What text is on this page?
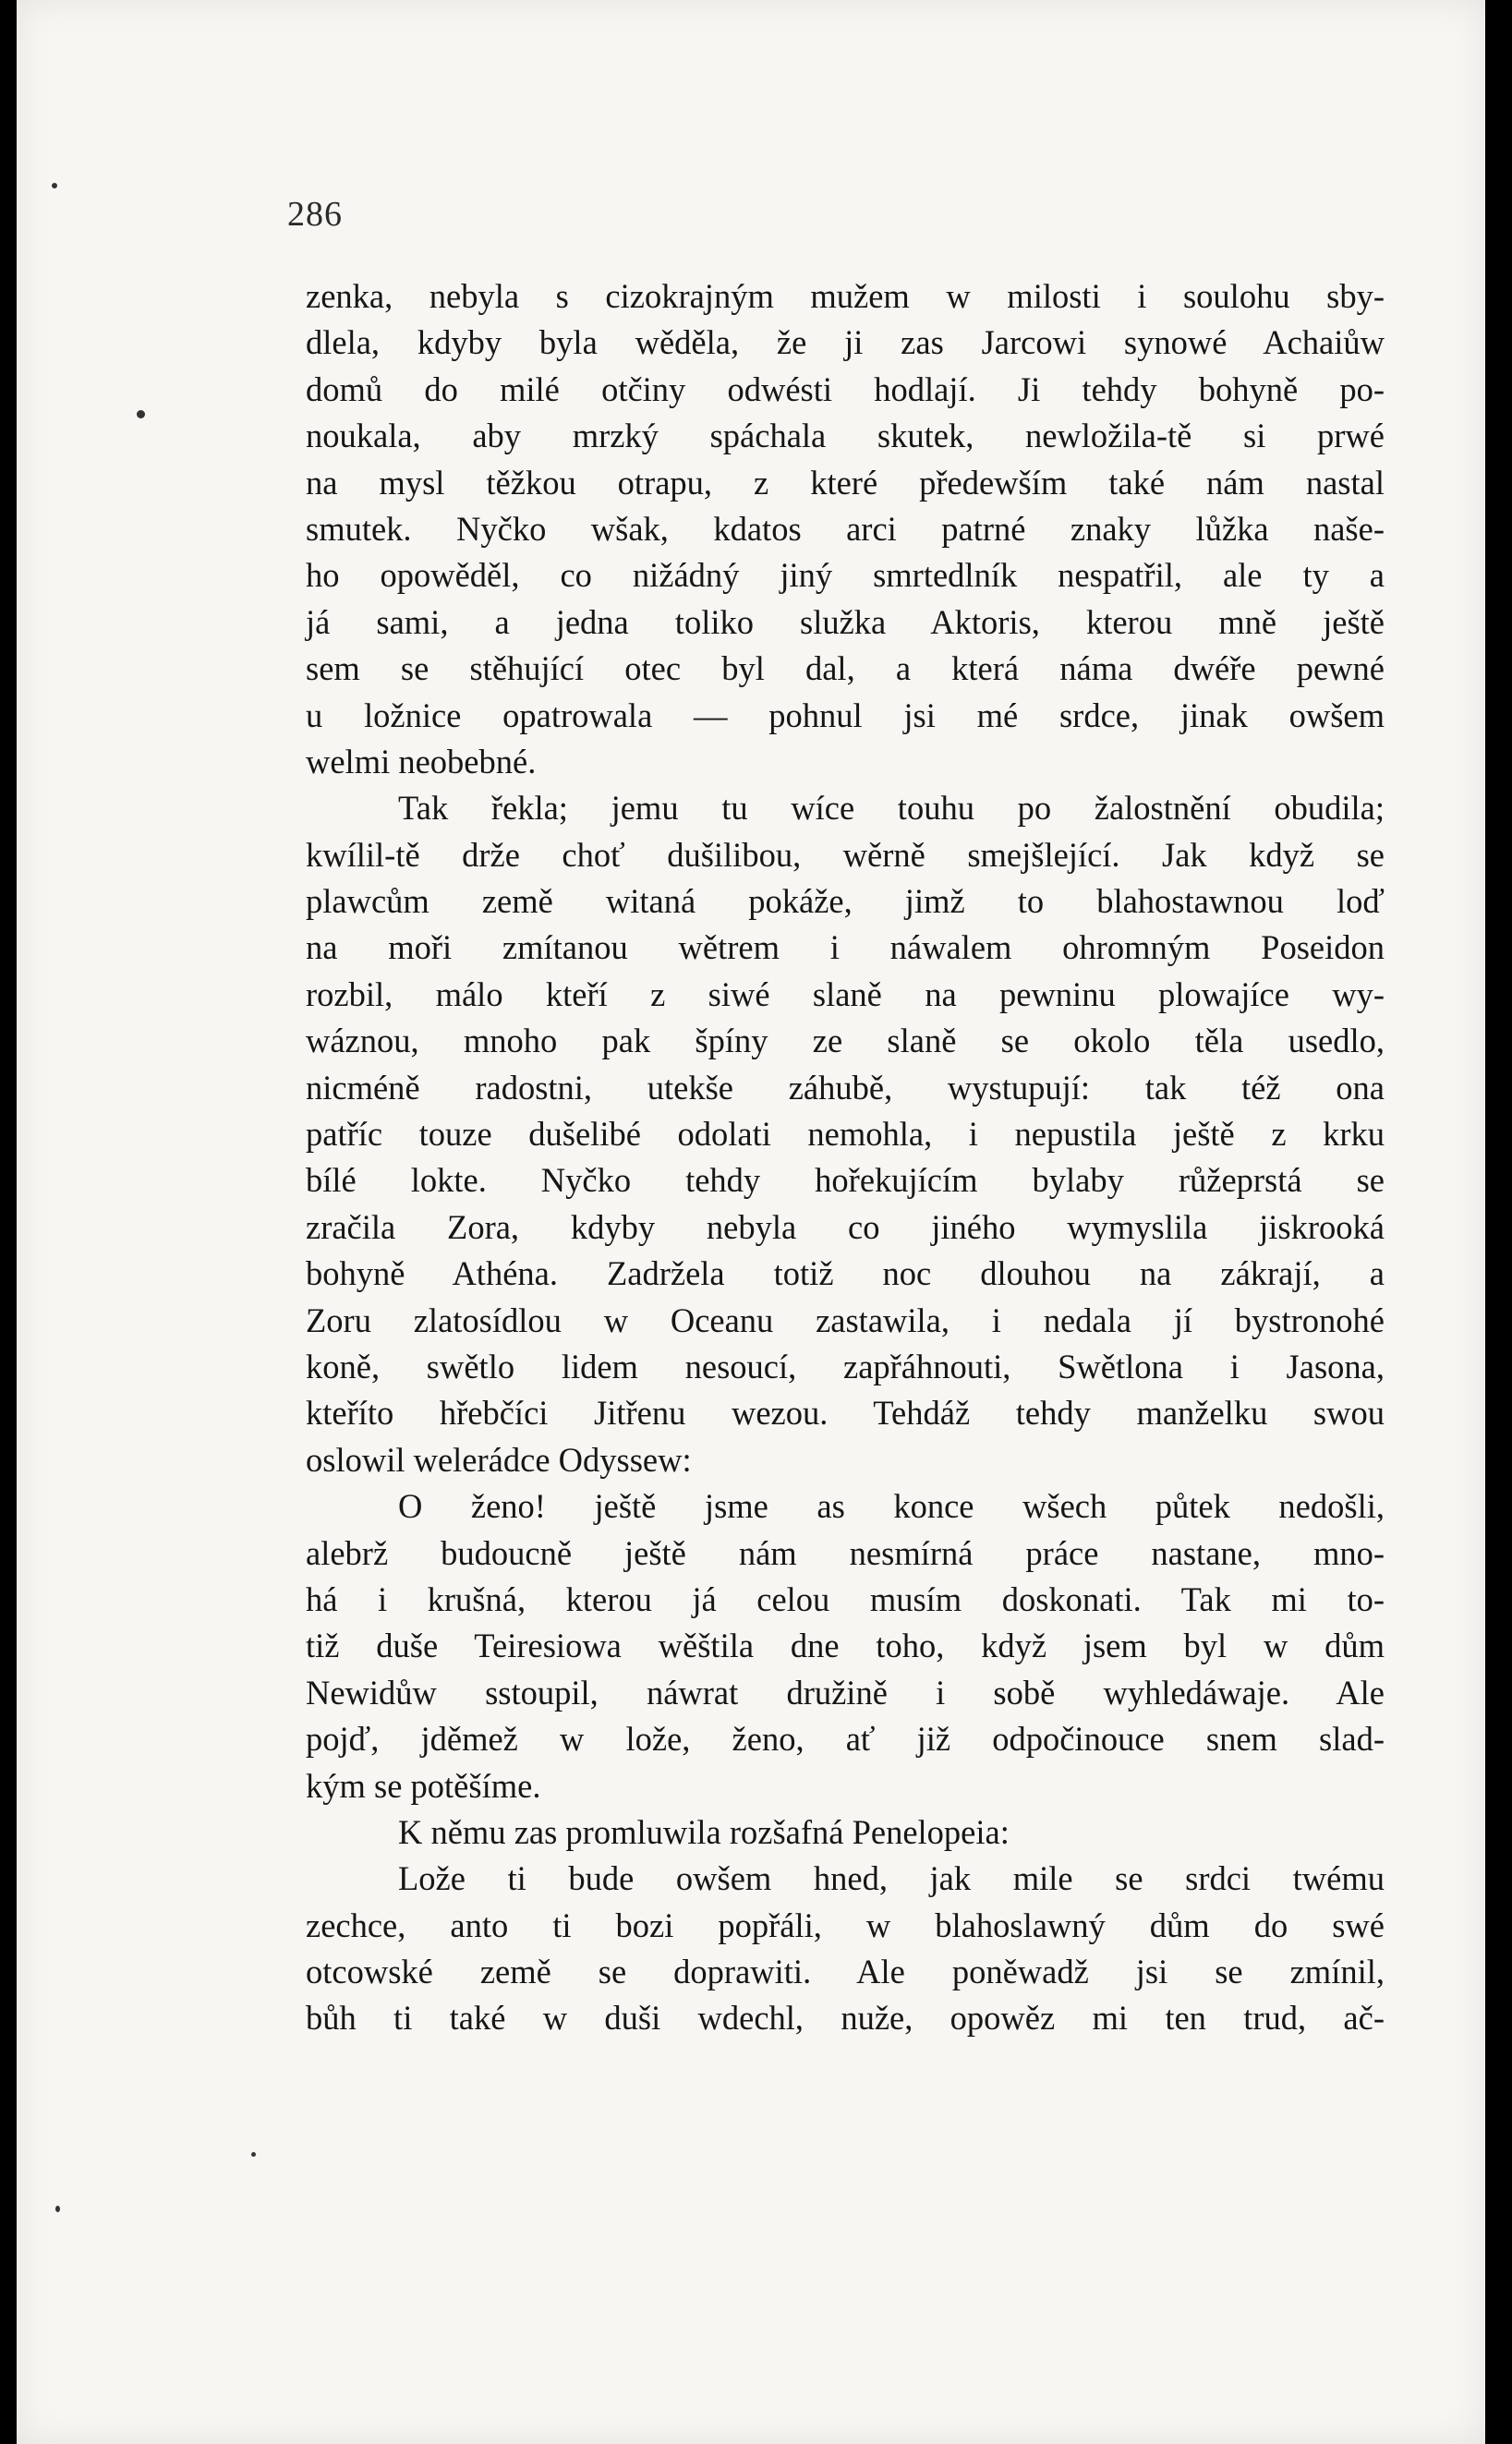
286
zenka, nebyla s cizokrajným mužem w milosti i soulohu sby-
dlela, kdyby byla wěděla, že ji zas Jarcowi synowé Achaiůw
domů do milé otčiny odwésti hodlají. Ji tehdy bohyně po-
noukala, aby mrzký spáchala skutek, newložila-tě si prwé
na mysl těžkou otrapu, z které předewším také nám nastal
smutek. Nyčko wšak, kdatos arci patrné znaky lůžka naše-
ho opowěděl, co nižádný jiný smrtedlník nespatřil, ale ty a
já sami, a jedna toliko služka Aktoris, kterou mně ještě
sem se stěhující otec byl dal, a která náma dwéře pewné
u ložnice opatrowala — pohnul jsi mé srdce, jinak owšem
welmi neobebné.
Tak řekla; jemu tu wíce touhu po žalostnění obudila;
kwílil-tě drže choť dušilibou, wěrně smejšlející. Jak když se
plawcům země witaná pokáže, jimž to blahostawnou loď
na moři zmítanou wětrem i náwalem ohromným Poseidon
rozbil, málo kteří z siwé slaně na pewninu plowajíce wy-
wáznou, mnoho pak špíny ze slaně se okolo těla usedlo,
nicméně radostni, utekše záhubě, wystupují: tak též ona
patříc touze dušelibé odolati nemohla, i nepustila ještě z krku
bílé lokte. Nyčko tehdy hořekujícím bylaby růžeprstá se
zračila Zora, kdyby nebyla co jiného wymyslila jiskrooká
bohyně Athéna. Zadržela totiž noc dlouhou na zákrají, a
Zoru zlatosídlou w Oceanu zastawila, i nedala jí bystronohé
koně, swětlo lidem nesoucí, zapřáhnouti, Swětlona i Jasona,
kteříto hřebčíci Jitřenu wezou. Tehdáž tehdy manželku swou
oslowil welerádce Odyssew:
O ženo! ještě jsme as konce wšech půtek nedošli,
alebrž budoucně ještě nám nesmírná práce nastane, mno-
há i krušná, kterou já celou musím doskonati. Tak mi to-
tiž duše Teiresiowa wěštila dne toho, když jsem byl w dům
Newidůw sstoupil, náwrat družině i sobě wyhledáwaje. Ale
pojď, jděmež w lože, ženo, ať již odpočinouce snem slad-
kým se potěšíme.
K němu zas promluwila rozšafná Penelopeia:
Lože ti bude owšem hned, jak mile se srdci twému
zechce, anto ti bozi popřáli, w blahoslawný dům do swé
otcowské země se doprawiti. Ale poněwadž jsi se zmínil,
bůh ti také w duši wdechl, nuže, opowěz mi ten trud, ač-
